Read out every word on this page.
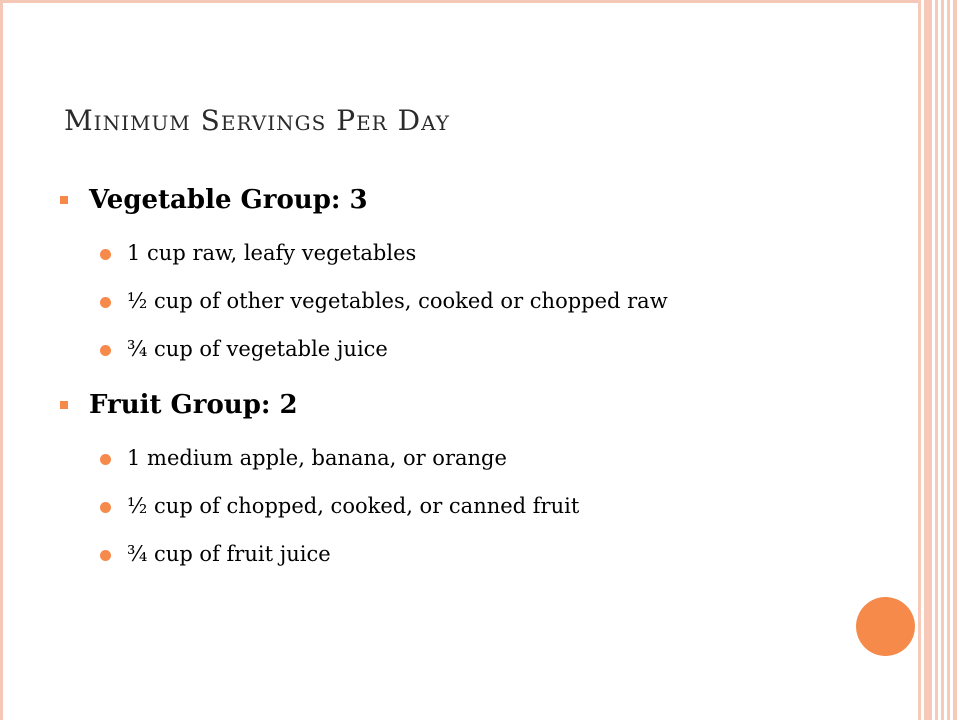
Minimum Servings Per Day
Vegetable Group: 3
1 cup raw, leafy vegetables
½ cup of other vegetables, cooked or chopped raw
¾ cup of vegetable juice
Fruit Group: 2
1 medium apple, banana, or orange
½ cup of chopped, cooked, or canned fruit
¾ cup of fruit juice
